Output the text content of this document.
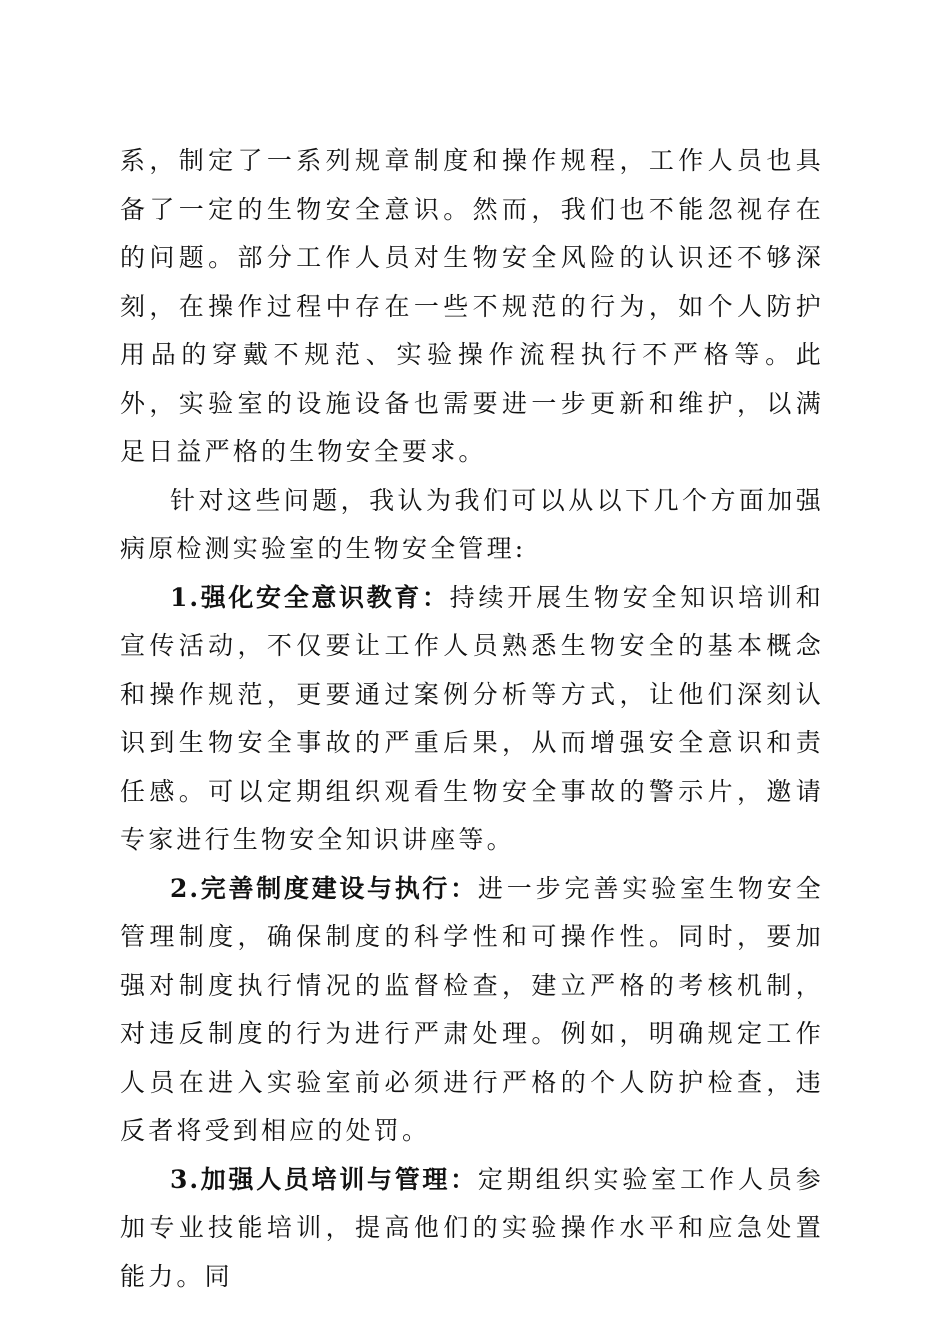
系，制定了一系列规章制度和操作规程，工作人员也具备了一定的生物安全意识。然而，我们也不能忽视存在的问题。部分工作人员对生物安全风险的认识还不够深刻，在操作过程中存在一些不规范的行为，如个人防护用品的穿戴不规范、实验操作流程执行不严格等。此外，实验室的设施设备也需要进一步更新和维护，以满足日益严格的生物安全要求。

针对这些问题，我认为我们可以从以下几个方面加强病原检测实验室的生物安全管理:

1.强化安全意识教育：持续开展生物安全知识培训和宣传活动，不仅要让工作人员熟悉生物安全的基本概念和操作规范，更要通过案例分析等方式，让他们深刻认识到生物安全事故的严重后果，从而增强安全意识和责任感。可以定期组织观看生物安全事故的警示片，邀请专家进行生物安全知识讲座等。

2.完善制度建设与执行：进一步完善实验室生物安全管理制度，确保制度的科学性和可操作性。同时，要加强对制度执行情况的监督检查，建立严格的考核机制，对违反制度的行为进行严肃处理。例如，明确规定工作人员在进入实验室前必须进行严格的个人防护检查，违反者将受到相应的处罚。

3.加强人员培训与管理：定期组织实验室工作人员参加专业技能培训，提高他们的实验操作水平和应急处置能力。同
